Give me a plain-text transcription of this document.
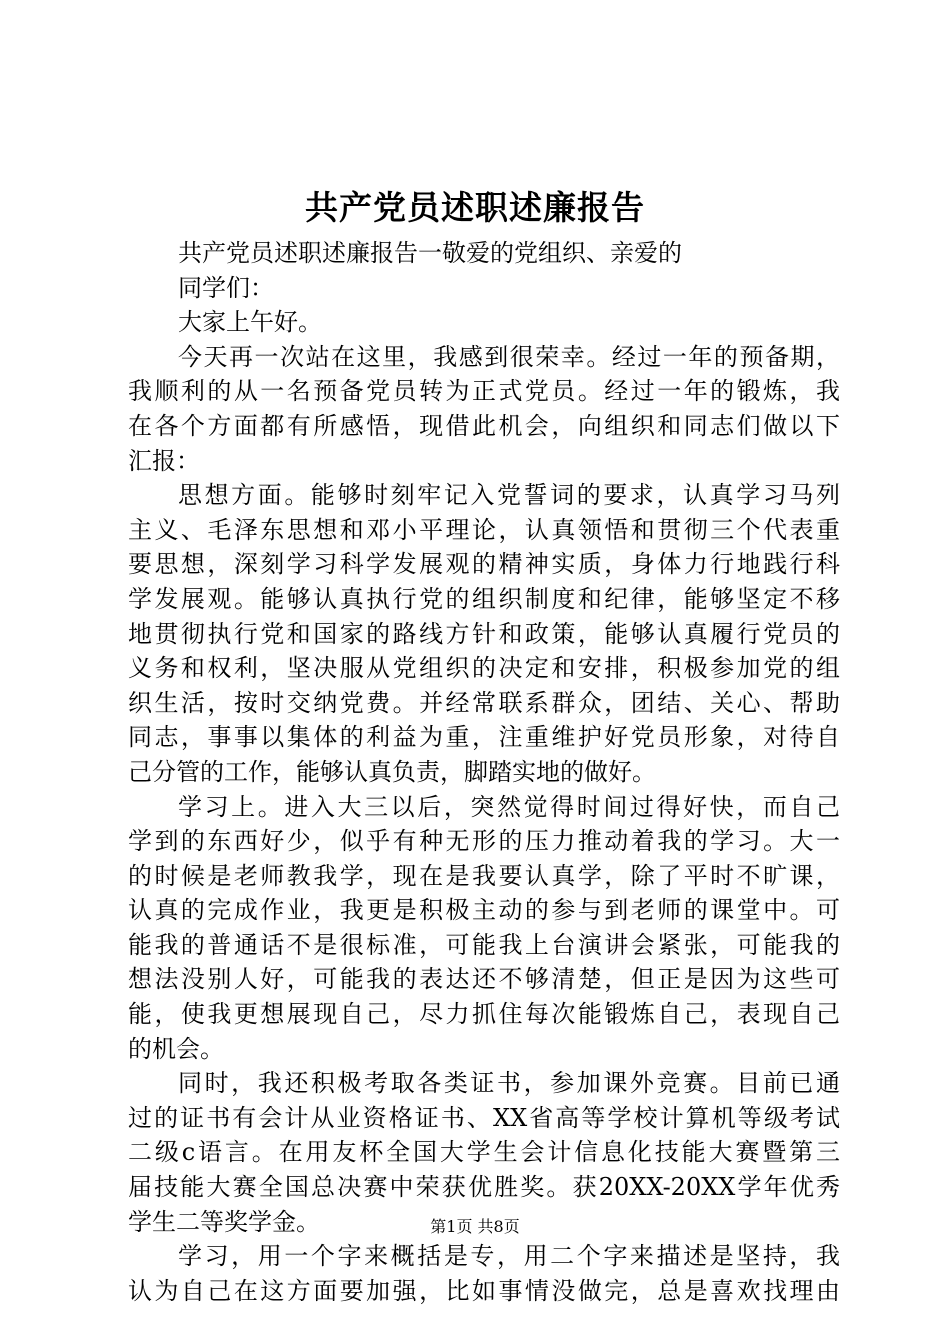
共产党员述职述廉报告
共产党员述职述廉报告一敬爱的党组织、亲爱的
同学们：
大家上午好。
今天再一次站在这里，我感到很荣幸。经过一年的预备期，
我顺利的从一名预备党员转为正式党员。经过一年的锻炼，我
在各个方面都有所感悟，现借此机会，向组织和同志们做以下
汇报：
思想方面。能够时刻牢记入党誓词的要求，认真学习马列
主义、毛泽东思想和邓小平理论，认真领悟和贯彻三个代表重
要思想，深刻学习科学发展观的精神实质，身体力行地践行科
学发展观。能够认真执行党的组织制度和纪律，能够坚定不移
地贯彻执行党和国家的路线方针和政策，能够认真履行党员的
义务和权利，坚决服从党组织的决定和安排，积极参加党的组
织生活，按时交纳党费。并经常联系群众，团结、关心、帮助
同志，事事以集体的利益为重，注重维护好党员形象，对待自
己分管的工作，能够认真负责，脚踏实地的做好。
学习上。进入大三以后，突然觉得时间过得好快，而自己
学到的东西好少，似乎有种无形的压力推动着我的学习。大一
的时候是老师教我学，现在是我要认真学，除了平时不旷课，
认真的完成作业，我更是积极主动的参与到老师的课堂中。可
能我的普通话不是很标准，可能我上台演讲会紧张，可能我的
想法没别人好，可能我的表达还不够清楚，但正是因为这些可
能，使我更想展现自己，尽力抓住每次能锻炼自己，表现自己
的机会。
同时，我还积极考取各类证书，参加课外竞赛。目前已通
过的证书有会计从业资格证书、XX省高等学校计算机等级考试
二级c语言。在用友杯全国大学生会计信息化技能大赛暨第三
届技能大赛全国总决赛中荣获优胜奖。获20XX-20XX学年优秀
学生二等奖学金。
学习，用一个字来概括是专，用二个字来描述是坚持，我
认为自己在这方面要加强，比如事情没做完，总是喜欢找理由
第1页 共8页
